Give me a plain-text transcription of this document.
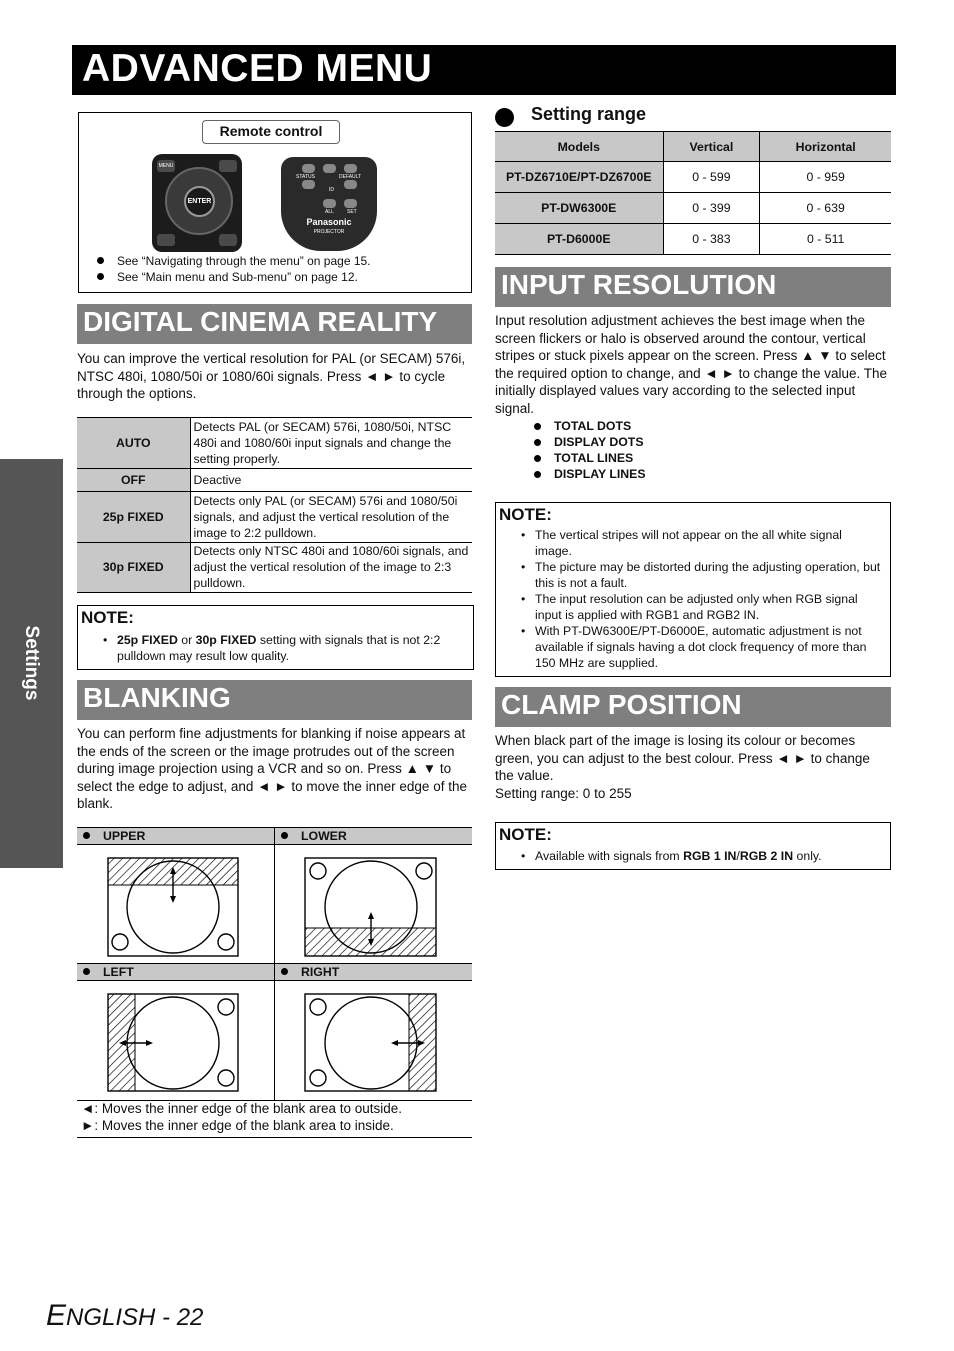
ADVANCED MENU
Settings
Remote control
MENU
ENTER
STATUS	DEFAULT
ID
ALL	SET
Panasonic
PROJECTOR
See “Navigating through the menu” on page 15.
See “Main menu and Sub-menu” on page 12.
DIGITAL CINEMA REALITY

You can improve the vertical resolution for PAL (or SECAM) 576i, NTSC 480i, 1080/50i or 1080/60i signals. Press ◄ ► to cycle through the options.

AUTO	Detects PAL (or SECAM) 576i, 1080/50i, NTSC 480i and 1080/60i input signals and change the setting properly.
OFF	Deactive
25p FIXED	Detects only PAL (or SECAM) 576i and 1080/50i signals, and adjust the vertical resolution of the image to 2:2 pulldown.
30p FIXED	Detects only NTSC 480i and 1080/60i signals, and adjust the vertical resolution of the image to 2:3 pulldown.
NOTE:
• 25p FIXED or 30p FIXED setting with signals that is not 2:2 pulldown may result low quality.
BLANKING

You can perform fine adjustments for blanking if noise appears at the ends of the screen or the image protrudes out of the screen during image projection using a VCR and so on. Press ▲ ▼ to select the edge to adjust, and ◄ ► to move the inner edge of the blank.

UPPER	LOWER
LEFT	RIGHT
◄: Moves the inner edge of the blank area to outside.
►: Moves the inner edge of the blank area to inside.
Setting range
Models	Vertical	Horizontal
PT-DZ6710E/PT-DZ6700E	0 - 599	0 - 959
PT-DW6300E	0 - 399	0 - 639
PT-D6000E	0 - 383	0 - 511
INPUT RESOLUTION

Input resolution adjustment achieves the best image when the screen flickers or halo is observed around the contour, vertical stripes or stuck pixels appear on the screen. Press ▲ ▼ to select the required option to change, and ◄ ► to change the value. The initially displayed values vary according to the selected input signal.

TOTAL DOTS
DISPLAY DOTS
TOTAL LINES
DISPLAY LINES
NOTE:
• The vertical stripes will not appear on the all white signal image.
• The picture may be distorted during the adjusting operation, but this is not a fault.
• The input resolution can be adjusted only when RGB signal input is applied with RGB1 and RGB2 IN.
• With PT-DW6300E/PT-D6000E, automatic adjustment is not available if signals having a dot clock frequency of more than 150 MHz are supplied.
CLAMP POSITION

When black part of the image is losing its colour or becomes green, you can adjust to the best colour. Press ◄ ► to change the value.

Setting range: 0 to 255

NOTE:
• Available with signals from RGB 1 IN/RGB 2 IN only.
ENGLISH - 22
